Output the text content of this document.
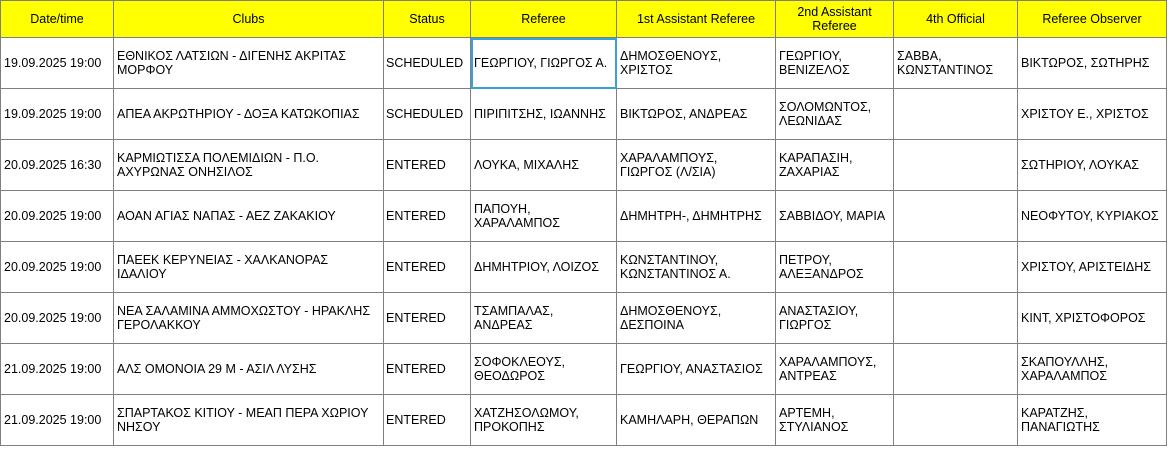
Date/time	Clubs	Status	Referee	1st Assistant Referee	2nd Assistant Referee	4th Official	Referee Observer
19.09.2025 19:00	ΕΘΝΙΚΟΣ ΛΑΤΣΙΩΝ - ΔΙΓΕΝΗΣ ΑΚΡΙΤΑΣ ΜΟΡΦΟΥ	SCHEDULED	ΓΕΩΡΓΙΟΥ, ΓΙΩΡΓΟΣ Α.	ΔΗΜΟΣΘΕΝΟΥΣ, ΧΡΙΣΤΟΣ	ΓΕΩΡΓΙΟΥ, ΒΕΝΙΖΕΛΟΣ	ΣΑΒΒΑ, ΚΩΝΣΤΑΝΤΙΝΟΣ	ΒΙΚΤΩΡΟΣ, ΣΩΤΗΡΗΣ
19.09.2025 19:00	ΑΠΕΑ ΑΚΡΩΤΗΡΙΟΥ - ΔΟΞΑ ΚΑΤΩΚΟΠΙΑΣ	SCHEDULED	ΠΙΡΙΠΙΤΣΗΣ, ΙΩΑΝΝΗΣ	ΒΙΚΤΩΡΟΣ, ΑΝΔΡΕΑΣ	ΣΟΛΟΜΩΝΤΟΣ, ΛΕΩΝΙΔΑΣ		ΧΡΙΣΤΟΥ Ε., ΧΡΙΣΤΟΣ
20.09.2025 16:30	ΚΑΡΜΙΩΤΙΣΣΑ ΠΟΛΕΜΙΔΙΩΝ - Π.Ο. ΑΧΥΡΩΝΑΣ ΟΝΗΣΙΛΟΣ	ENTERED	ΛΟΥΚΑ, ΜΙΧΑΛΗΣ	ΧΑΡΑΛΑΜΠΟΥΣ, ΓΙΩΡΓΟΣ (Λ/ΣΙΑ)	ΚΑΡΑΠΑΣΙΗ, ΖΑΧΑΡΙΑΣ		ΣΩΤΗΡΙΟΥ, ΛΟΥΚΑΣ
20.09.2025 19:00	ΑΟΑΝ ΑΓΙΑΣ ΝΑΠΑΣ - ΑΕΖ ΖΑΚΑΚΙΟΥ	ENTERED	ΠΑΠΟΥΗ, ΧΑΡΑΛΑΜΠΟΣ	ΔΗΜΗΤΡΗ-, ΔΗΜΗΤΡΗΣ	ΣΑΒΒΙΔΟΥ, ΜΑΡΙΑ		ΝΕΟΦΥΤΟΥ, ΚΥΡΙΑΚΟΣ
20.09.2025 19:00	ΠΑΕΕΚ ΚΕΡΥΝΕΙΑΣ - ΧΑΛΚΑΝΟΡΑΣ ΙΔΑΛΙΟΥ	ENTERED	ΔΗΜΗΤΡΙΟΥ, ΛΟΙΖΟΣ	ΚΩΝΣΤΑΝΤΙΝΟΥ, ΚΩΝΣΤΑΝΤΙΝΟΣ Α.	ΠΕΤΡΟΥ, ΑΛΕΞΑΝΔΡΟΣ		ΧΡΙΣΤΟΥ, ΑΡΙΣΤΕΙΔΗΣ
20.09.2025 19:00	ΝΕΑ ΣΑΛΑΜΙΝΑ ΑΜΜΟΧΩΣΤΟΥ - ΗΡΑΚΛΗΣ ΓΕΡΟΛΑΚΚΟΥ	ENTERED	ΤΣΑΜΠΑΛΑΣ, ΑΝΔΡΕΑΣ	ΔΗΜΟΣΘΕΝΟΥΣ, ΔΕΣΠΟΙΝΑ	ΑΝΑΣΤΑΣΙΟΥ, ΓΙΩΡΓΟΣ		ΚΙΝΤ, ΧΡΙΣΤΟΦΟΡΟΣ
21.09.2025 19:00	ΑΛΣ ΟΜΟΝΟΙΑ 29 Μ - ΑΣΙΛ ΛΥΣΗΣ	ENTERED	ΣΟΦΟΚΛΕΟΥΣ, ΘΕΟΔΩΡΟΣ	ΓΕΩΡΓΙΟΥ, ΑΝΑΣΤΑΣΙΟΣ	ΧΑΡΑΛΑΜΠΟΥΣ, ΑΝΤΡΕΑΣ		ΣΚΑΠΟΥΛΛΗΣ, ΧΑΡΑΛΑΜΠΟΣ
21.09.2025 19:00	ΣΠΑΡΤΑΚΟΣ ΚΙΤΙΟΥ - ΜΕΑΠ ΠΕΡΑ ΧΩΡΙΟΥ ΝΗΣΟΥ	ENTERED	ΧΑΤΖΗΣΟΛΩΜΟΥ, ΠΡΟΚΟΠΗΣ	ΚΑΜΗΛΑΡΗ, ΘΕΡΑΠΩΝ	ΑΡΤΕΜΗ, ΣΤΥΛΙΑΝΟΣ		ΚΑΡΑΤΖΗΣ, ΠΑΝΑΓΙΩΤΗΣ
